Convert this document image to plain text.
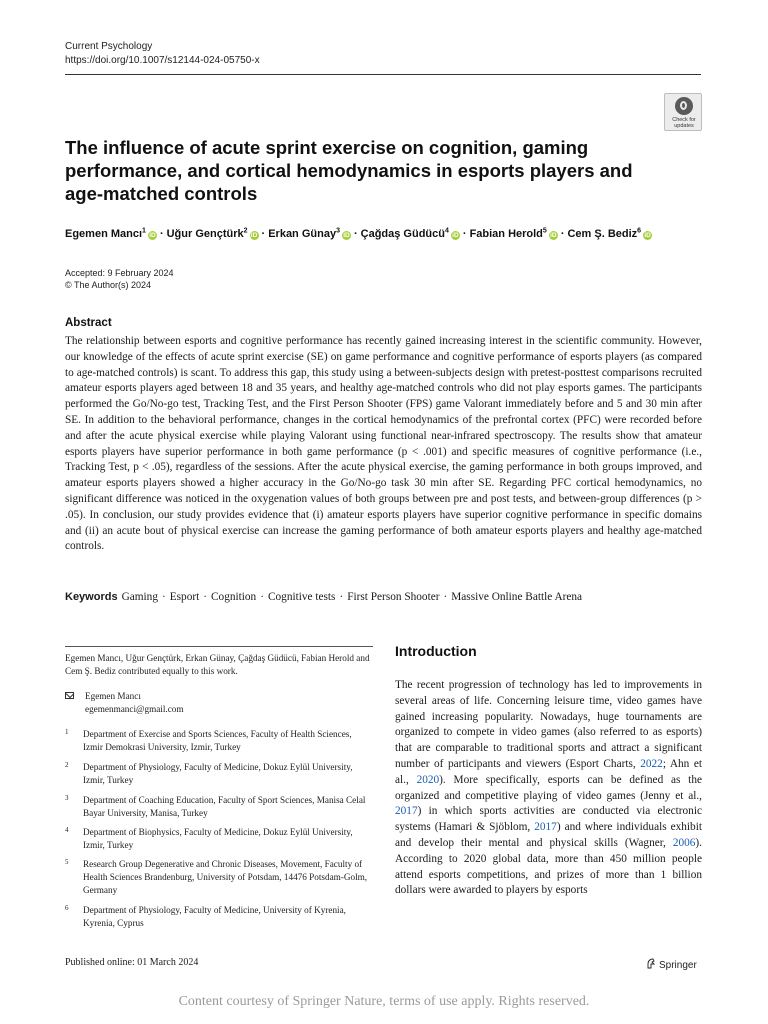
Current Psychology
https://doi.org/10.1007/s12144-024-05750-x
Check for
updates
The influence of acute sprint exercise on cognition, gaming performance, and cortical hemodynamics in esports players and age-matched controls
Egemen Mancı$^1$iD · Uğur Gençtürk$^2$iD · Erkan Günay$^3$iD · Çağdaş Güdücü$^4$iD · Fabian Herold$^5$iD · Cem Ş. Bediz$^6$iD
Accepted: 9 February 2024
© The Author(s) 2024
Abstract

The relationship between esports and cognitive performance has recently gained increasing interest in the scientific community. However, our knowledge of the effects of acute sprint exercise (SE) on game performance and cognitive performance of esports players (as compared to age-matched controls) is scant. To address this gap, this study using a between-subjects design with pretest-posttest comparisons recruited amateur esports players aged between 18 and 35 years, and healthy age-matched controls who did not play esports games. The participants performed the Go/No-go test, Tracking Test, and the First Person Shooter (FPS) game Valorant immediately before and 5 and 30 min after SE. In addition to the behavioral performance, changes in the cortical hemodynamics of the prefrontal cortex (PFC) were recorded before and after the acute physical exercise while playing Valorant using functional near-infrared spectroscopy. The results show that amateur esports players have superior performance in both game performance (p < .001) and specific measures of cognitive performance (i.e., Tracking Test, p < .05), regardless of the sessions. After the acute physical exercise, the gaming performance in both groups improved, and amateur esports players showed a higher accuracy in the Go/No-go task 30 min after SE. Regarding PFC cortical hemodynamics, no significant difference was noticed in the oxygenation values of both groups between pre and post tests, and between-group differences (p > .05). In conclusion, our study provides evidence that (i) amateur esports players have superior cognitive performance in specific domains and (ii) an acute bout of physical exercise can increase the gaming performance of both amateur esports players and healthy age-matched controls.

Keywords Gaming · Esport · Cognition · Cognitive tests · First Person Shooter · Massive Online Battle Arena
Egemen Mancı, Uğur Gençtürk, Erkan Günay, Çağdaş Güdücü, Fabian Herold and Cem Ş. Bediz contributed equally to this work.
Egemen Mancı
egemenmanci@gmail.com
1 Department of Exercise and Sports Sciences, Faculty of Health Sciences, Izmir Demokrasi University, Izmir, Turkey
2 Department of Physiology, Faculty of Medicine, Dokuz Eylül University, Izmir, Turkey
3 Department of Coaching Education, Faculty of Sport Sciences, Manisa Celal Bayar University, Manisa, Turkey
4 Department of Biophysics, Faculty of Medicine, Dokuz Eylül University, Izmir, Turkey
5 Research Group Degenerative and Chronic Diseases, Movement, Faculty of Health Sciences Brandenburg, University of Potsdam, 14476 Potsdam-Golm, Germany
6 Department of Physiology, Faculty of Medicine, University of Kyrenia, Kyrenia, Cyprus
Introduction

The recent progression of technology has led to improvements in several areas of life. Concerning leisure time, video games have gained increasing popularity. Nowadays, huge tournaments are organized to compete in video games (also referred to as esports) that are comparable to traditional sports and attract a significant number of participants and viewers (Esport Charts, 2022; Ahn et al., 2020). More specifically, esports can be defined as the organized and competitive playing of video games (Jenny et al., 2017) in which sports activities are conducted via electronic systems (Hamari & Sjöblom, 2017) and where individuals exhibit and develop their mental and physical skills (Wagner, 2006). According to 2020 global data, more than 450 million people attend esports competitions, and prizes of more than 1 billion dollars were awarded to players by esports

Published online: 01 March 2024	Springer
Content courtesy of Springer Nature, terms of use apply. Rights reserved.
